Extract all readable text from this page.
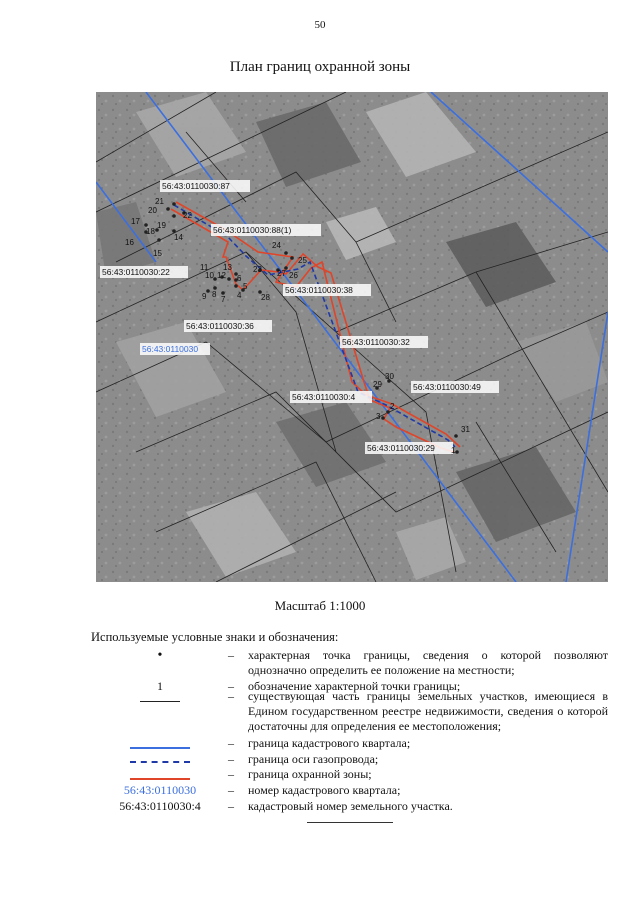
50
План границ охранной зоны
56:43:0110030:87
56:43:0110030:88(1)
56:43:0110030:22
56:43:0110030:38
56:43:0110030:36
56:43:0110030:32
56:43:0110030:49
56:43:0110030:4
56:43:0110030:29
56:43:0110030
1
2
3
4
5
6
7
8
9
10
11
12
13
14
15
16
17
18
19
20
21
22
23
24
25
26
27
28
29
30
31
Масштаб 1:1000
Используемые условные знаки и обозначения:
•	– характерная точка границы, сведения о которой позволяют однозначно определить ее положение на местности;
1	– обозначение характерной точки границы;
– существующая часть границы земельных участков, имеющиеся в Едином государственном реестре недвижимости, сведения о которой достаточны для определения ее местоположения;
– граница кадастрового квартала;
– граница оси газопровода;
– граница охранной зоны;
56:43:0110030	– номер кадастрового квартала;
56:43:0110030:4	– кадастровый номер земельного участка.
